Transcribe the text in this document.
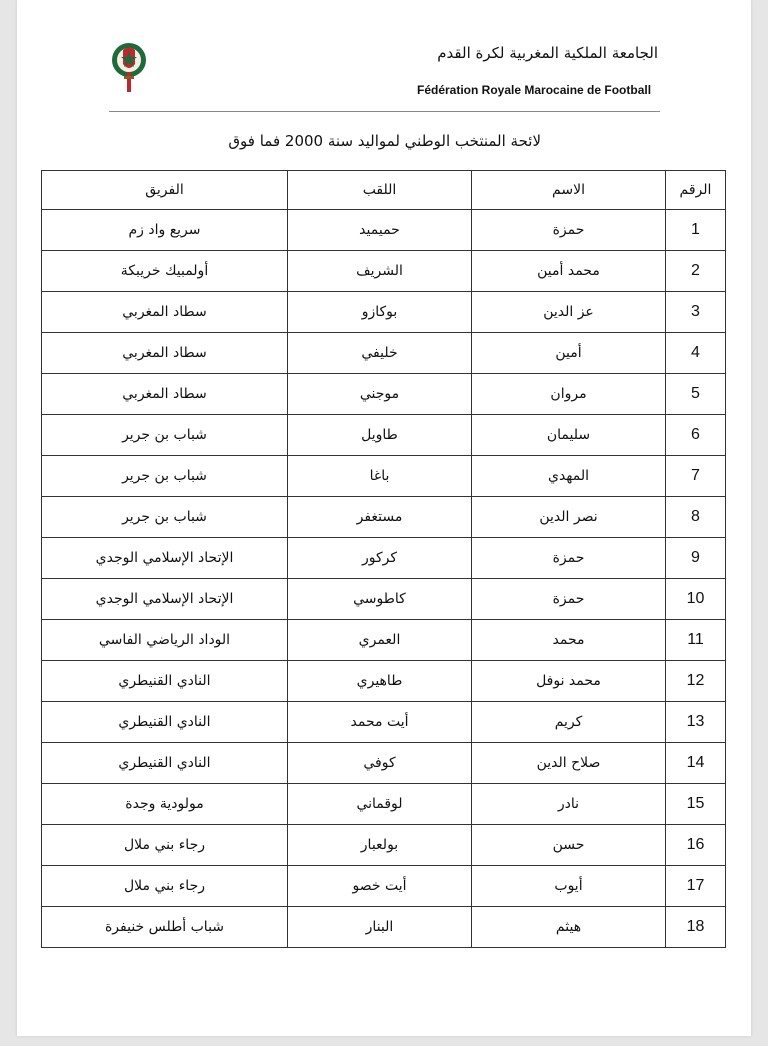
الجامعة الملكية المغربية لكرة القدم
Fédération Royale Marocaine de Football
لائحة المنتخب الوطني لمواليد سنة 2000 فما فوق
الرقم	الاسم	اللقب	الفريق
1	حمزة	حميميد	سريع واد زم
2	محمد أمين	الشريف	أولمبيك خريبكة
3	عز الدين	بوكازو	سطاد المغربي
4	أمين	خليفي	سطاد المغربي
5	مروان	موجني	سطاد المغربي
6	سليمان	طاويل	شباب بن جرير
7	المهدي	باغا	شباب بن جرير
8	نصر الدين	مستغفر	شباب بن جرير
9	حمزة	كركور	الإتحاد الإسلامي الوجدي
10	حمزة	كاطوسي	الإتحاد الإسلامي الوجدي
11	محمد	العمري	الوداد الرياضي الفاسي
12	محمد نوفل	طاهيري	النادي القنيطري
13	كريم	أيت محمد	النادي القنيطري
14	صلاح الدين	كوفي	النادي القنيطري
15	نادر	لوقماني	مولودية وجدة
16	حسن	بولعبار	رجاء بني ملال
17	أيوب	أيت خصو	رجاء بني ملال
18	هيثم	البنار	شباب أطلس خنيفرة
